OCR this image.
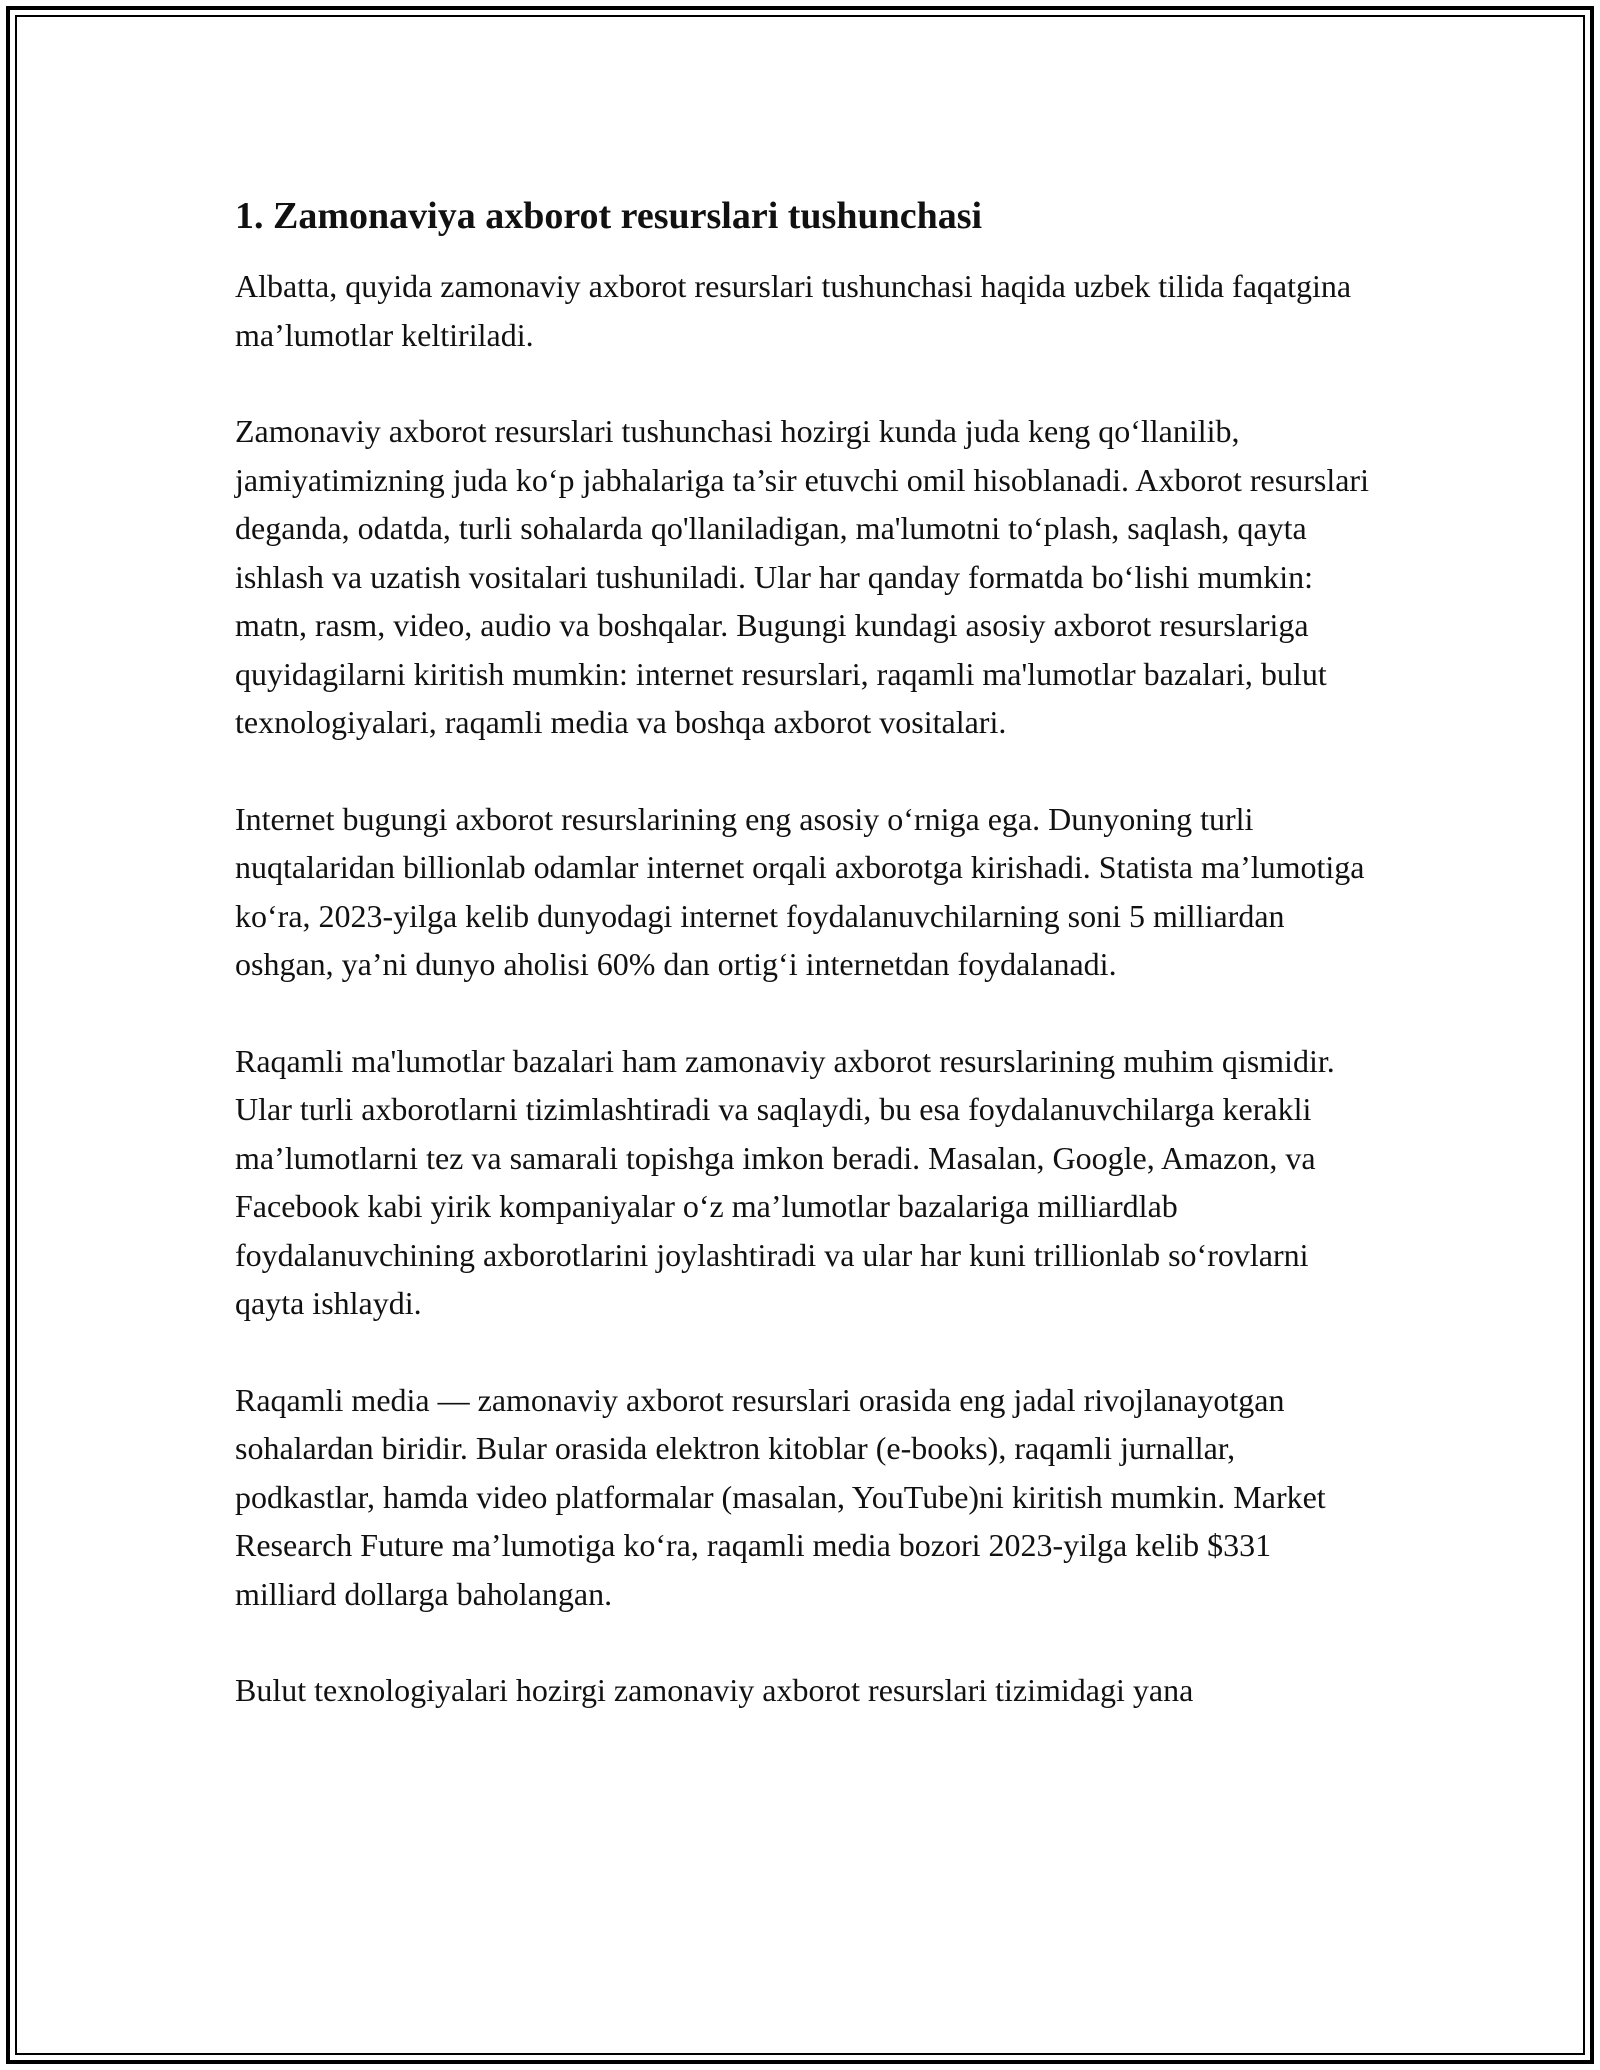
1. Zamonaviya axborot resurslari tushunchasi

Albatta, quyida zamonaviy axborot resurslari tushunchasi haqida uzbek tilida faqatgina ma’lumotlar keltiriladi.

Zamonaviy axborot resurslari tushunchasi hozirgi kunda juda keng qo‘llanilib, jamiyatimizning juda ko‘p jabhalariga ta’sir etuvchi omil hisoblanadi. Axborot resurslari deganda, odatda, turli sohalarda qo'llaniladigan, ma'lumotni to‘plash, saqlash, qayta ishlash va uzatish vositalari tushuniladi. Ular har qanday formatda bo‘lishi mumkin: matn, rasm, video, audio va boshqalar. Bugungi kundagi asosiy axborot resurslariga quyidagilarni kiritish mumkin: internet resurslari, raqamli ma'lumotlar bazalari, bulut texnologiyalari, raqamli media va boshqa axborot vositalari.

Internet bugungi axborot resurslarining eng asosiy o‘rniga ega. Dunyoning turli nuqtalaridan billionlab odamlar internet orqali axborotga kirishadi. Statista ma’lumotiga ko‘ra, 2023-yilga kelib dunyodagi internet foydalanuvchilarning soni 5 milliardan oshgan, ya’ni dunyo aholisi 60% dan ortig‘i internetdan foydalanadi.

Raqamli ma'lumotlar bazalari ham zamonaviy axborot resurslarining muhim qismidir. Ular turli axborotlarni tizimlashtiradi va saqlaydi, bu esa foydalanuvchilarga kerakli ma’lumotlarni tez va samarali topishga imkon beradi. Masalan, Google, Amazon, va Facebook kabi yirik kompaniyalar o‘z ma’lumotlar bazalariga milliardlab foydalanuvchining axborotlarini joylashtiradi va ular har kuni trillionlab so‘rovlarni qayta ishlaydi.

Raqamli media — zamonaviy axborot resurslari orasida eng jadal rivojlanayotgan sohalardan biridir. Bular orasida elektron kitoblar (e-books), raqamli jurnallar, podkastlar, hamda video platformalar (masalan, YouTube)ni kiritish mumkin. Market Research Future ma’lumotiga ko‘ra, raqamli media bozori 2023-yilga kelib $331 milliard dollarga baholangan.

Bulut texnologiyalari hozirgi zamonaviy axborot resurslari tizimidagi yana
